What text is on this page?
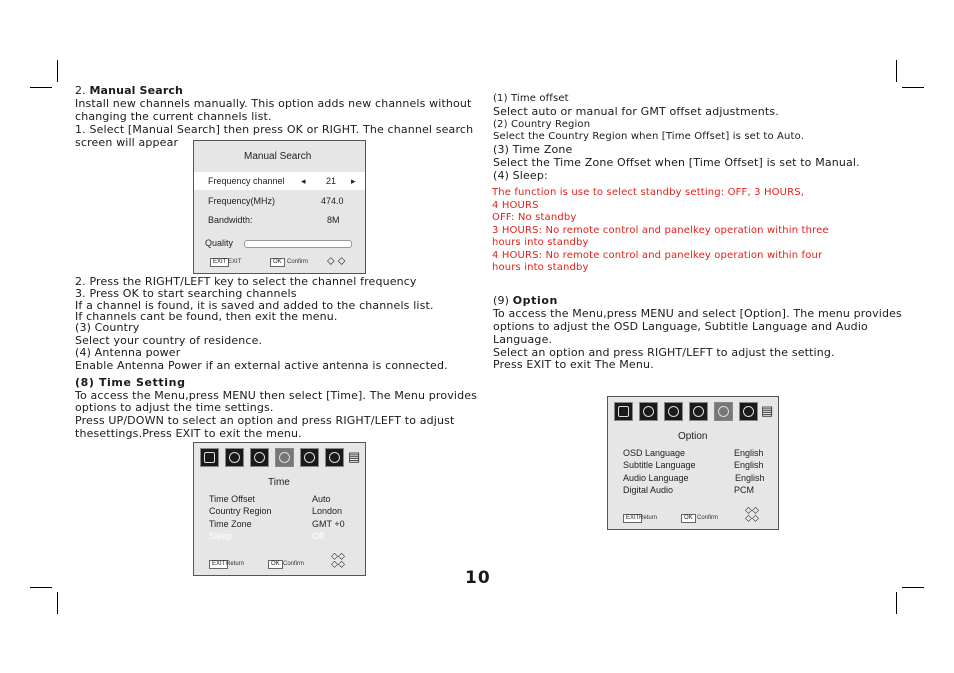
2. Manual Search

Install new channels manually. This option adds new channels without

changing the current channels list.

1. Select [Manual Search] then press OK or RIGHT. The channel search

screen will appear

Manual Search
Frequency channel ◂ 21 ▸
Frequency(MHz)	474.0
Bandwidth:	8M
Quality
EXIT EXIT	OK Confirm ⬦ ⬦

2. Press the RIGHT/LEFT key to select the channel frequency

3. Press OK to start searching channels

If a channel is found, it is saved and added to the channels list.

If channels cant be found, then exit the menu.

(3) Country

Select your country of residence.

(4) Antenna power

Enable Antenna Power if an external active antenna is connected.

(8) Time Setting

To access the Menu,press MENU then select [Time]. The Menu provides

options to adjust the time settings.

Press UP/DOWN to select an option and press RIGHT/LEFT to adjust

thesettings.Press EXIT to exit the menu.

▤
Time
Time Offset	Auto
Country Region	London
Time Zone	GMT +0
Sleep	Off
EXIT Return	OK Confirm
⬦⬦
⬦⬦

(1) Time offset

Select auto or manual for GMT offset adjustments.

(2) Country Region

Select the Country Region when [Time Offset] is set to Auto.

(3) Time Zone

Select the Time Zone Offset when [Time Offset] is set to Manual.

(4) Sleep:

The function is use to select standby setting: OFF, 3 HOURS,

4 HOURS

OFF: No standby

3 HOURS: No remote control and panelkey operation within three

hours into standby

4 HOURS: No remote control and panelkey operation within four

hours into standby

(9) Option

To access the Menu,press MENU and select [Option]. The menu provides

options to adjust the OSD Language, Subtitle Language and Audio

Language.

Select an option and press RIGHT/LEFT to adjust the setting.

Press EXIT to exit The Menu.

▤
Option
OSD Language	English
Subtitle Language	English
Audio Language	English
Digital Audio	PCM
EXIT Return	OK Confirm
⬦⬦
⬦⬦
10
